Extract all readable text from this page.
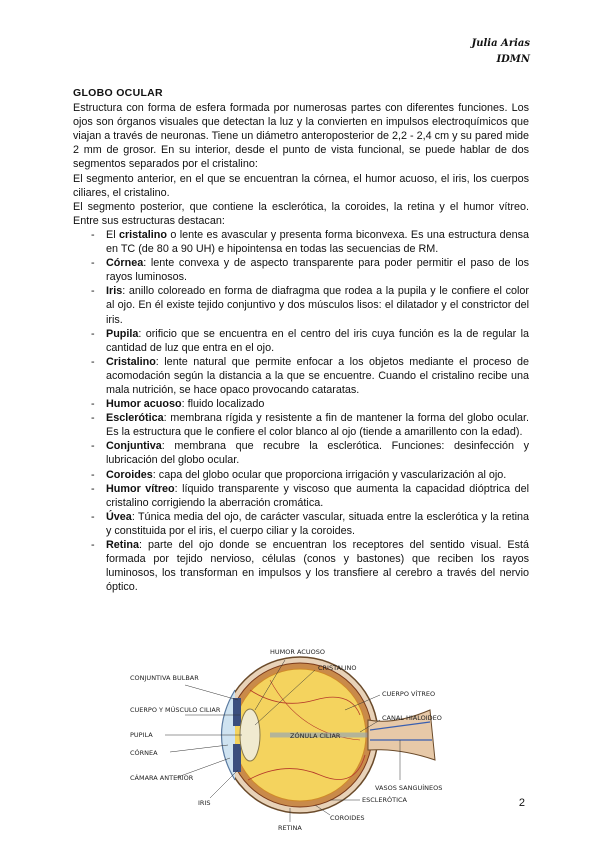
Julia Arias
IDMN
GLOBO OCULAR

Estructura con forma de esfera formada por numerosas partes con diferentes funciones. Los ojos son órganos visuales que detectan la luz y la convierten en impulsos electroquímicos que viajan a través de neuronas. Tiene un diámetro anteroposterior de 2,2 - 2,4 cm y su pared mide 2 mm de grosor. En su interior, desde el punto de vista funcional, se puede hablar de dos segmentos separados por el cristalino:

El segmento anterior, en el que se encuentran la córnea, el humor acuoso, el iris, los cuerpos ciliares, el cristalino.

El segmento posterior, que contiene la esclerótica, la coroides, la retina y el humor vítreo. Entre sus estructuras destacan:

- El cristalino o lente es avascular y presenta forma biconvexa. Es una estructura densa en TC (de 80 a 90 UH) e hipointensa en todas las secuencias de RM.
- Córnea: lente convexa y de aspecto transparente para poder permitir el paso de los rayos luminosos.
- Iris: anillo coloreado en forma de diafragma que rodea a la pupila y le confiere el color al ojo. En él existe tejido conjuntivo y dos músculos lisos: el dilatador y el constrictor del iris.
- Pupila: orificio que se encuentra en el centro del iris cuya función es la de regular la cantidad de luz que entra en el ojo.
- Cristalino: lente natural que permite enfocar a los objetos mediante el proceso de acomodación según la distancia a la que se encuentre. Cuando el cristalino recibe una mala nutrición, se hace opaco provocando cataratas.
- Humor acuoso: fluido localizado
- Esclerótica: membrana rígida y resistente a fin de mantener la forma del globo ocular. Es la estructura que le confiere el color blanco al ojo (tiende a amarillento con la edad).
- Conjuntiva: membrana que recubre la esclerótica. Funciones: desinfección y lubricación del globo ocular.
- Coroides: capa del globo ocular que proporciona irrigación y vascularización al ojo.
- Humor vítreo: líquido transparente y viscoso que aumenta la capacidad dióptrica del cristalino corrigiendo la aberración cromática.
- Úvea: Túnica media del ojo, de carácter vascular, situada entre la esclerótica y la retina y constituida por el iris, el cuerpo ciliar y la coroides.
- Retina: parte del ojo donde se encuentran los receptores del sentido visual. Está formada por tejido nervioso, células (conos y bastones) que reciben los rayos luminosos, los transforman en impulsos y los transfiere al cerebro a través del nervio óptico.
ZÓNULA CILIAR
CONJUNTIVA BULBAR
CUERPO Y MÚSCULO CILIAR
PUPILA
CÓRNEA
CÁMARA ANTERIOR
IRIS
HUMOR ACUOSO
CRISTALINO
CUERPO VÍTREO
CANAL HIALOIDEO
VASOS SANGUÍNEOS
ESCLERÓTICA
COROIDES
RETINA
2
